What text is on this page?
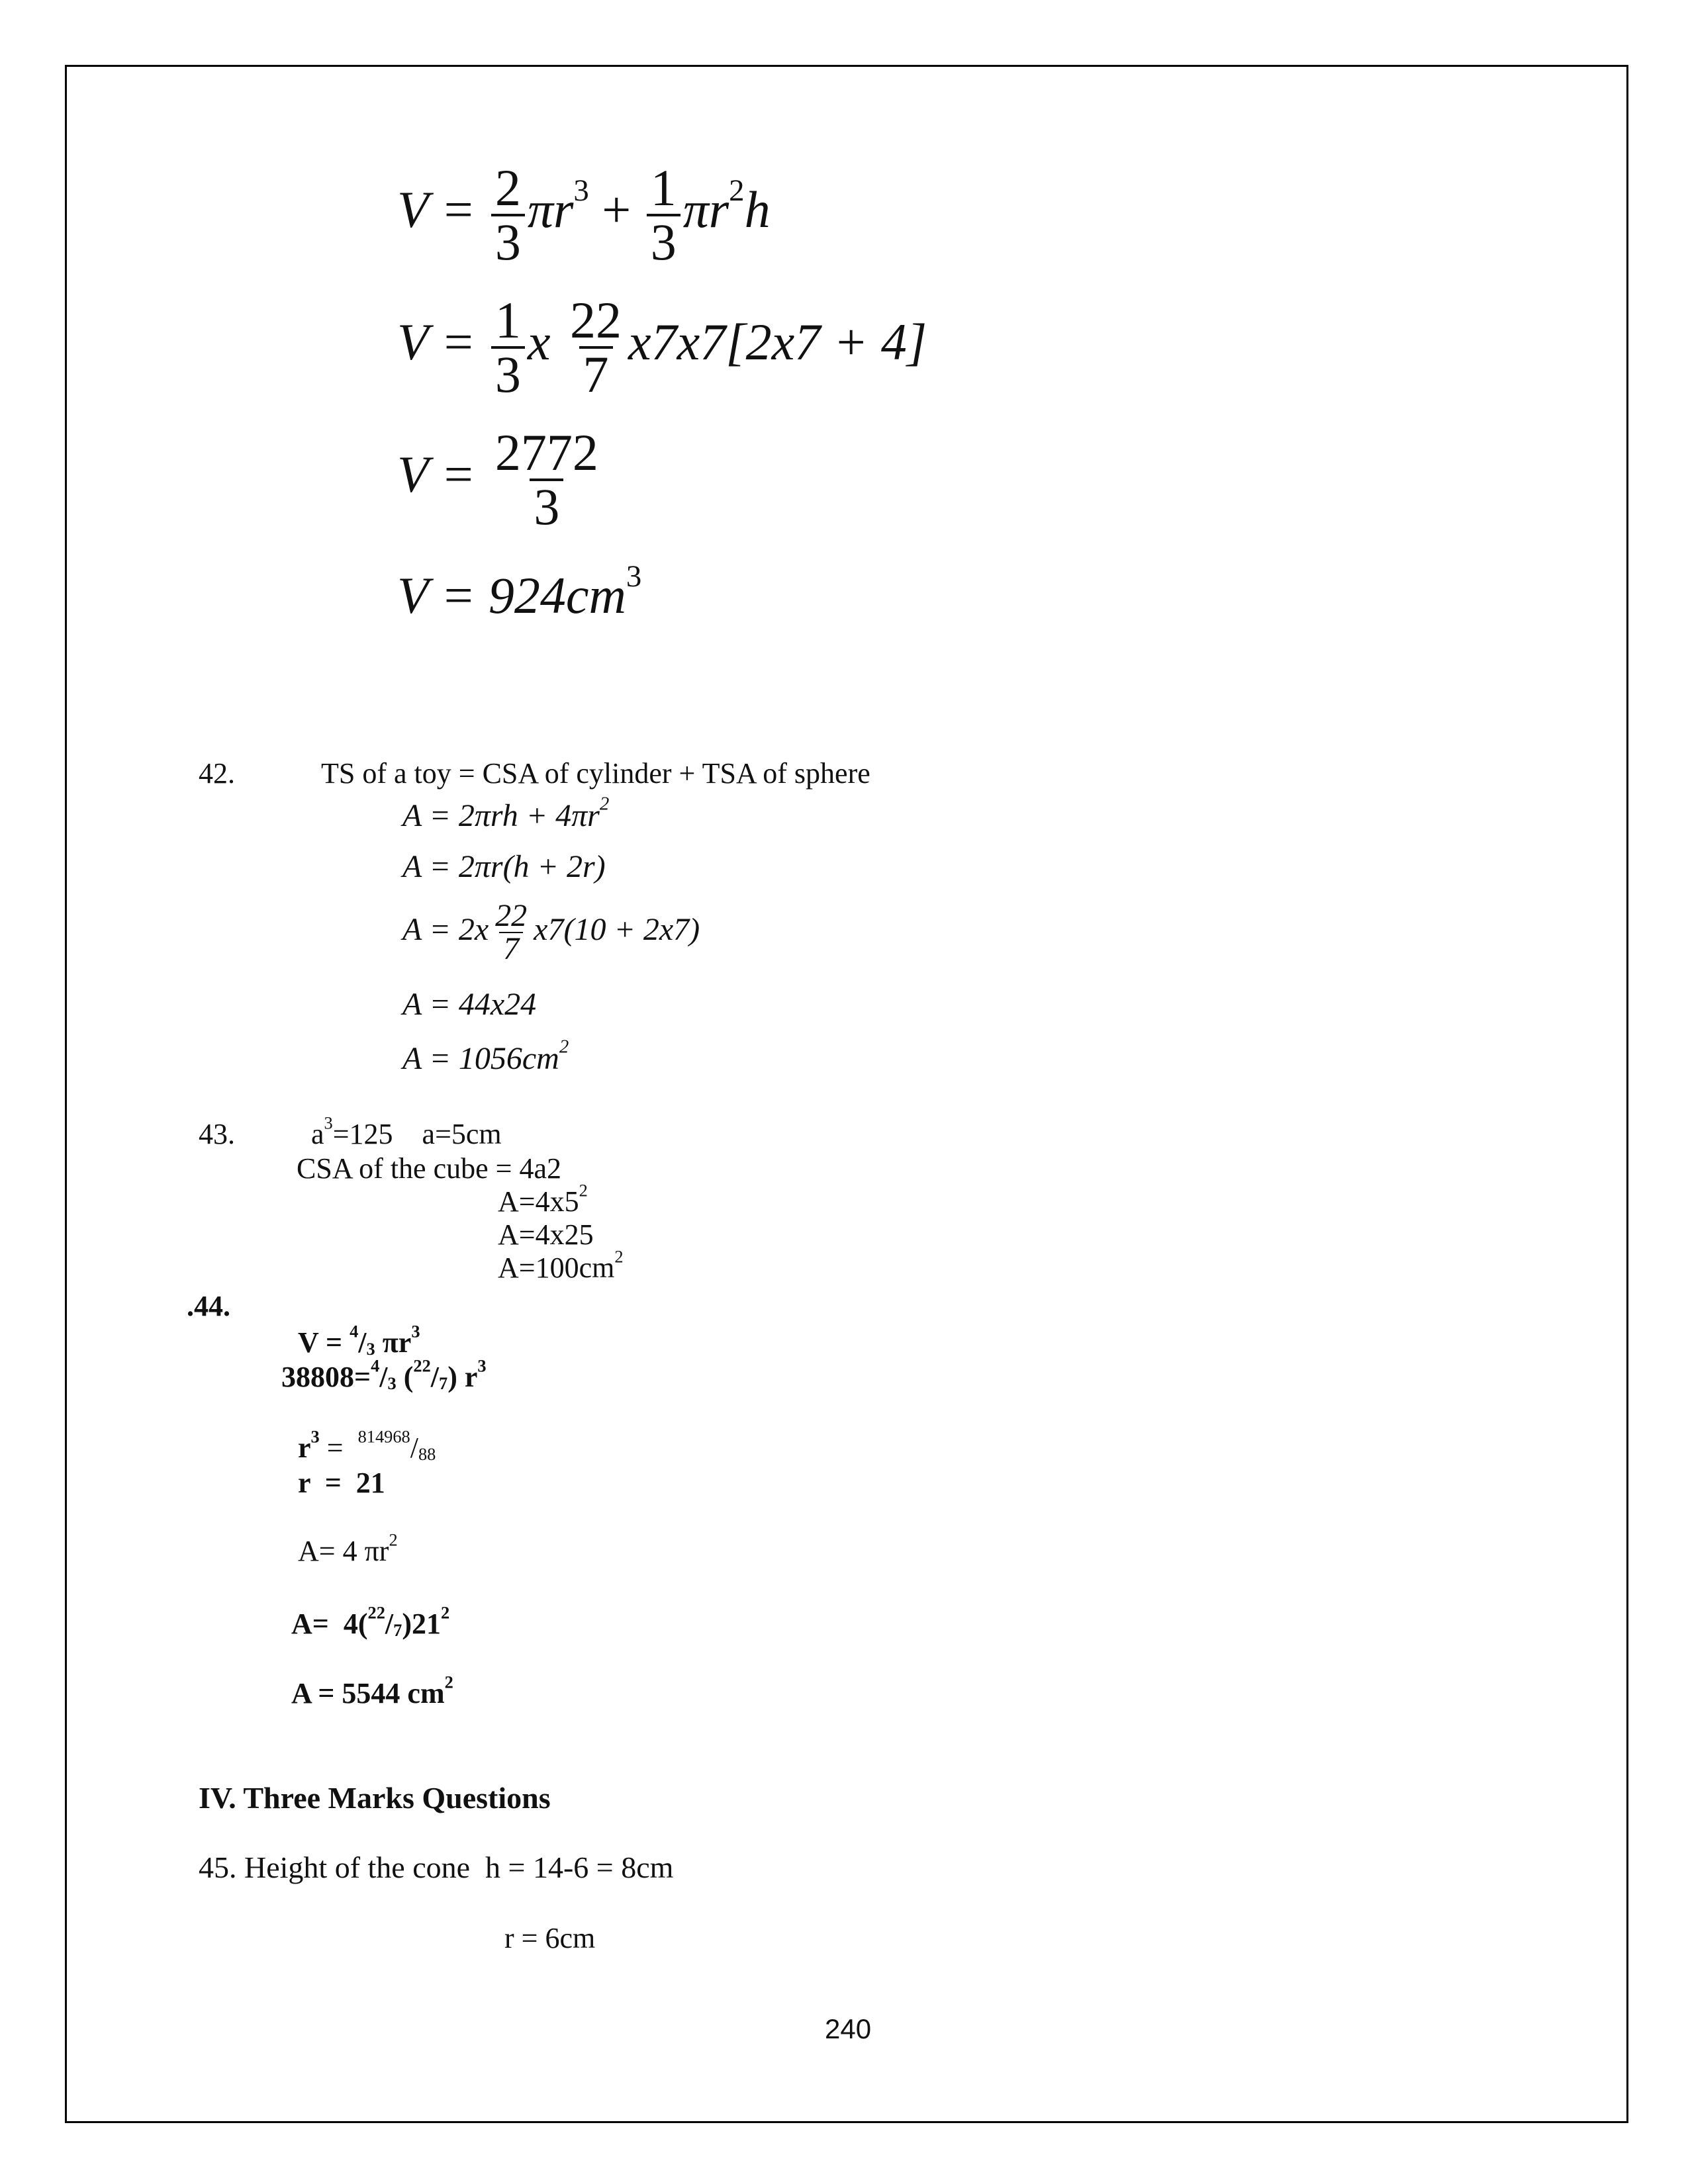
$V = \frac{2}{3} \pi r^3 + \frac{1}{3} \pi r^2h$
$V = \frac{1}{3}$ x $\frac{22}{7} x7x7[2x7 + 4]$
$V = \frac{2772}{3}$
$V = 924cm^3$
42.	TS of a toy = CSA of cylinder + TSA of sphere
$A = 2\pi rh + 4\pi r^2$
A = 2πr(h + 2r)
$A = 2x \frac{22}{7} x7(10 + 2x7)$
A = 44x24
$A = 1056cm^2$
43.	$a^3=125$    a=5cm
CSA of the cube = 4a2
$A=4x5^2$
A=4x25
$A=100cm^2$
.44.
$V = ^4/_3$ $\pi r^3$
$38808=^4/_3$ $(^{22}/_7)$ $r^3$
$r^3 = ^{814968}/_{88}$
r  =  21
A= 4 $\pi r^2$
$A= 4(^{22}/_7)21^2$
A = 5544 $cm^2$
IV. Three Marks Questions
45. Height of the cone  h = 14-6 = 8cm
r = 6cm
240
